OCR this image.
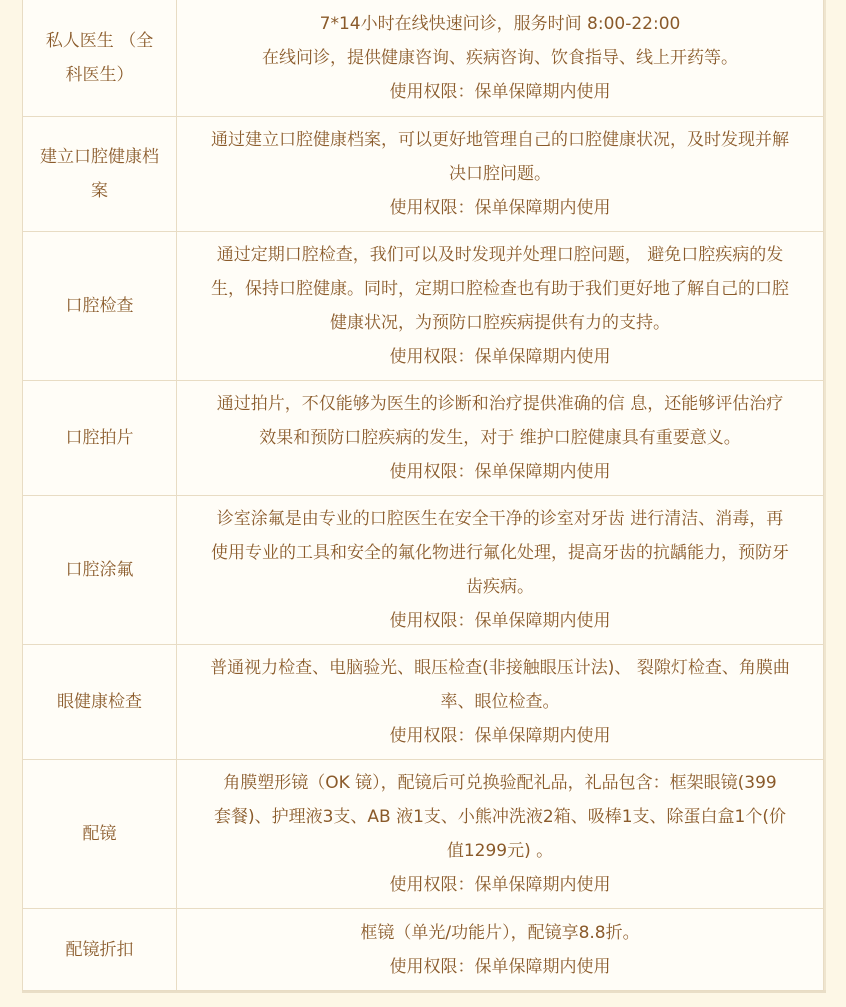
私人医生 （全
科医生）	7*14小时在线快速问诊，服务时间 8:00-22:00
在线问诊，提供健康咨询、疾病咨询、饮食指导、线上开药等。
使用权限：保单保障期内使用

建立口腔健康档
案	通过建立口腔健康档案，可以更好地管理自己的口腔健康状况，及时发现并解
决口腔问题。
使用权限：保单保障期内使用

口腔检查	通过定期口腔检查，我们可以及时发现并处理口腔问题， 避免口腔疾病的发
生，保持口腔健康。同时，定期口腔检查也有助于我们更好地了解自己的口腔
健康状况，为预防口腔疾病提供有力的支持。
使用权限：保单保障期内使用

口腔拍片	通过拍片，不仅能够为医生的诊断和治疗提供准确的信 息，还能够评估治疗
效果和预防口腔疾病的发生，对于 维护口腔健康具有重要意义。
使用权限：保单保障期内使用

口腔涂氟	诊室涂氟是由专业的口腔医生在安全干净的诊室对牙齿 进行清洁、消毒，再
使用专业的工具和安全的氟化物进行氟化处理，提高牙齿的抗龋能力，预防牙
齿疾病。
使用权限：保单保障期内使用

眼健康检查	普通视力检查、电脑验光、眼压检查(非接触眼压计法)、 裂隙灯检查、角膜曲
率、眼位检查。
使用权限：保单保障期内使用

配镜	角膜塑形镜（OK 镜），配镜后可兑换验配礼品，礼品包含：框架眼镜(399
套餐)、护理液3支、AB 液1支、小熊冲洗液2箱、吸棒1支、除蛋白盒1个(价
值1299元) 。
使用权限：保单保障期内使用

配镜折扣	框镜（单光/功能片），配镜享8.8折。
使用权限：保单保障期内使用
